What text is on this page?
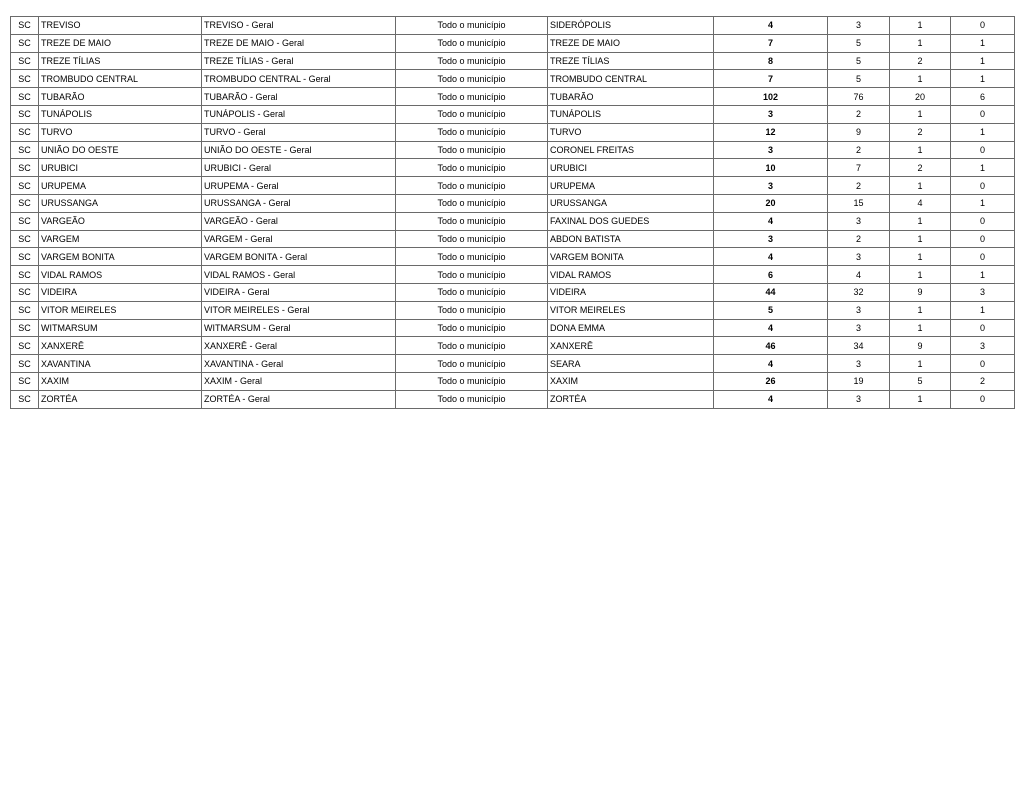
SC	TREVISO	TREVISO - Geral	Todo o município	SIDERÓPOLIS	4	3	1	0
SC	TREZE DE MAIO	TREZE DE MAIO - Geral	Todo o município	TREZE DE MAIO	7	5	1	1
SC	TREZE TÍLIAS	TREZE TÍLIAS - Geral	Todo o município	TREZE TÍLIAS	8	5	2	1
SC	TROMBUDO CENTRAL	TROMBUDO CENTRAL - Geral	Todo o município	TROMBUDO CENTRAL	7	5	1	1
SC	TUBARÃO	TUBARÃO - Geral	Todo o município	TUBARÃO	102	76	20	6
SC	TUNÁPOLIS	TUNÁPOLIS - Geral	Todo o município	TUNÁPOLIS	3	2	1	0
SC	TURVO	TURVO - Geral	Todo o município	TURVO	12	9	2	1
SC	UNIÃO DO OESTE	UNIÃO DO OESTE - Geral	Todo o município	CORONEL FREITAS	3	2	1	0
SC	URUBICI	URUBICI - Geral	Todo o município	URUBICI	10	7	2	1
SC	URUPEMA	URUPEMA - Geral	Todo o município	URUPEMA	3	2	1	0
SC	URUSSANGA	URUSSANGA - Geral	Todo o município	URUSSANGA	20	15	4	1
SC	VARGEÃO	VARGEÃO - Geral	Todo o município	FAXINAL DOS GUEDES	4	3	1	0
SC	VARGEM	VARGEM - Geral	Todo o município	ABDON BATISTA	3	2	1	0
SC	VARGEM BONITA	VARGEM BONITA - Geral	Todo o município	VARGEM BONITA	4	3	1	0
SC	VIDAL RAMOS	VIDAL RAMOS - Geral	Todo o município	VIDAL RAMOS	6	4	1	1
SC	VIDEIRA	VIDEIRA - Geral	Todo o município	VIDEIRA	44	32	9	3
SC	VITOR MEIRELES	VITOR MEIRELES - Geral	Todo o município	VITOR MEIRELES	5	3	1	1
SC	WITMARSUM	WITMARSUM - Geral	Todo o município	DONA EMMA	4	3	1	0
SC	XANXERÊ	XANXERÊ - Geral	Todo o município	XANXERÊ	46	34	9	3
SC	XAVANTINA	XAVANTINA - Geral	Todo o município	SEARA	4	3	1	0
SC	XAXIM	XAXIM - Geral	Todo o município	XAXIM	26	19	5	2
SC	ZORTÉA	ZORTÉA - Geral	Todo o município	ZORTÉA	4	3	1	0
